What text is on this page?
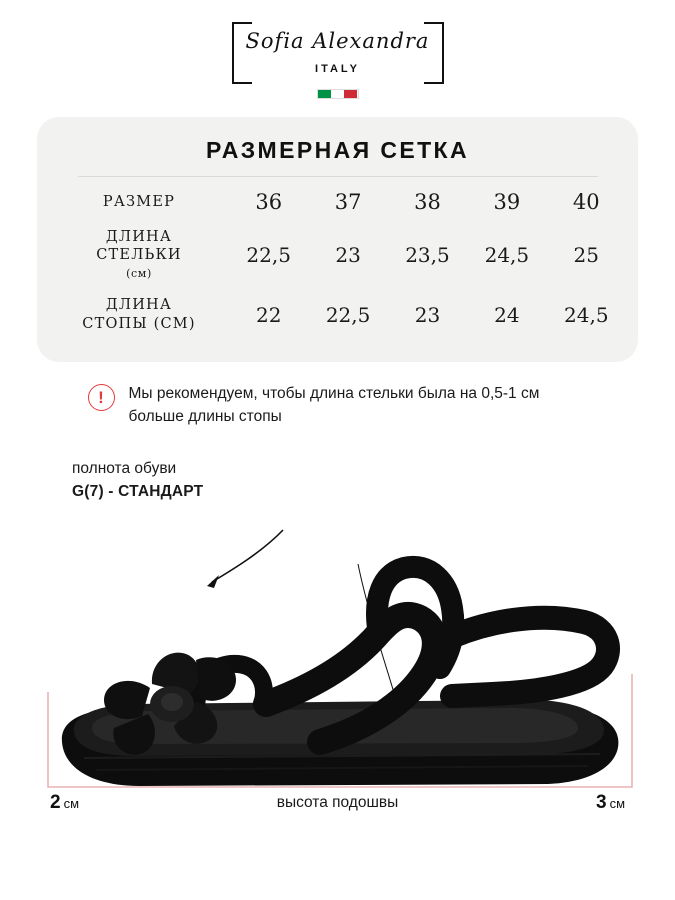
Sofia Alexandra
ITALY
РАЗМЕРНАЯ СЕТКА
РАЗМЕР	36	37	38	39	40
ДЛИНА
СТЕЛЬКИ
(см)	22,5	23	23,5	24,5	25
ДЛИНА
СТОПЫ (СМ)	22	22,5	23	24	24,5
!	Мы рекомендуем, чтобы длина стельки была на 0,5-1 см больше длины стопы
полнота обуви
G(7) - СТАНДАРТ
2 см	высота подошвы	3 см
